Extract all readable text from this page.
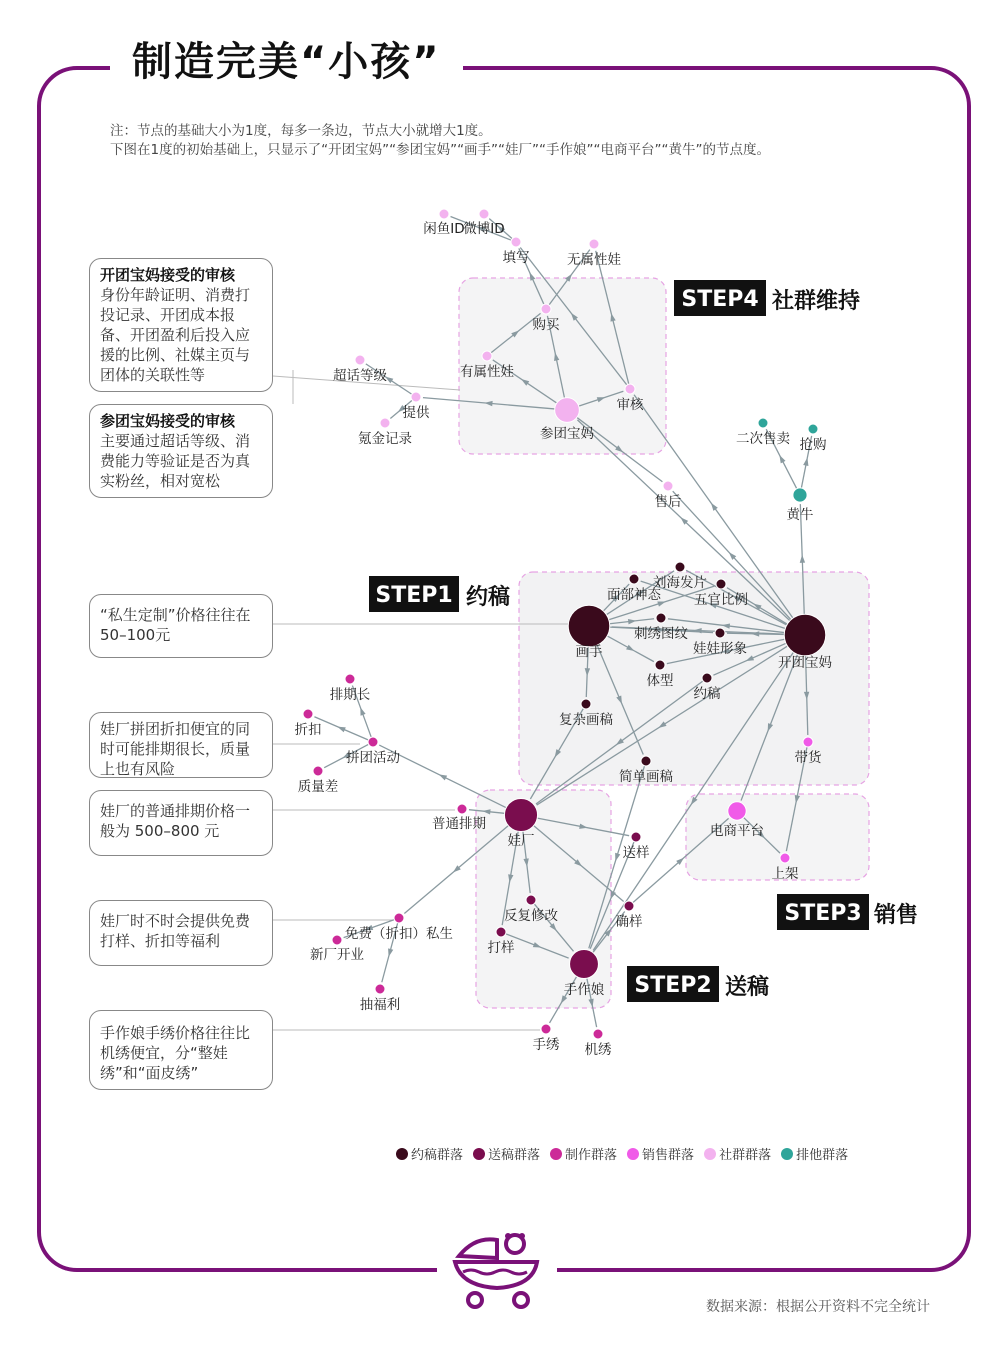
制造完美“小孩”
注：节点的基础大小为1度，每多一条边，节点大小就增大1度。
下图在1度的初始基础上，只显示了“开团宝妈”“参团宝妈”“画手”“娃厂”“手作娘”“电商平台”“黄牛”的节点度。
开团宝妈接受的审核
身份年龄证明、消费打投记录、开团成本报备、开团盈利后投入应援的比例、社媒主页与团体的关联性等
参团宝妈接受的审核
主要通过超话等级、消费能力等验证是否为真实粉丝，相对宽松
“私生定制”价格往往在50–100元
娃厂拼团折扣便宜的同时可能排期很长，质量上也有风险
娃厂的普通排期价格一般为 500–800 元
娃厂时不时会提供免费打样、折扣等福利
手作娘手绣价格往往比机绣便宜，分“整娃绣”和“面皮绣”
开团宝妈
画手
面部神态
刘海发片
五官比例
刺绣图纹
娃娃形象
体型
约稿
复杂画稿
简单画稿
娃厂
手作娘
送样
确样
反复修改
打样
普通排期
拼团活动
排期长
折扣
质量差
免费（折扣）私生
新厂开业
抽福利
手绣 机绣
电商平台
带货
上架
参团宝妈
审核
提供
超话等级
氪金记录
有属性娃
购买
无属性娃
填写
闲鱼ID
微博ID
售后
黄牛
二次售卖 抢购
STEP1 约稿
STEP2 送稿
STEP3 销售
STEP4 社群维持
约稿群落 送稿群落 制作群落 销售群落 社群群落 排他群落
数据来源：根据公开资料不完全统计
